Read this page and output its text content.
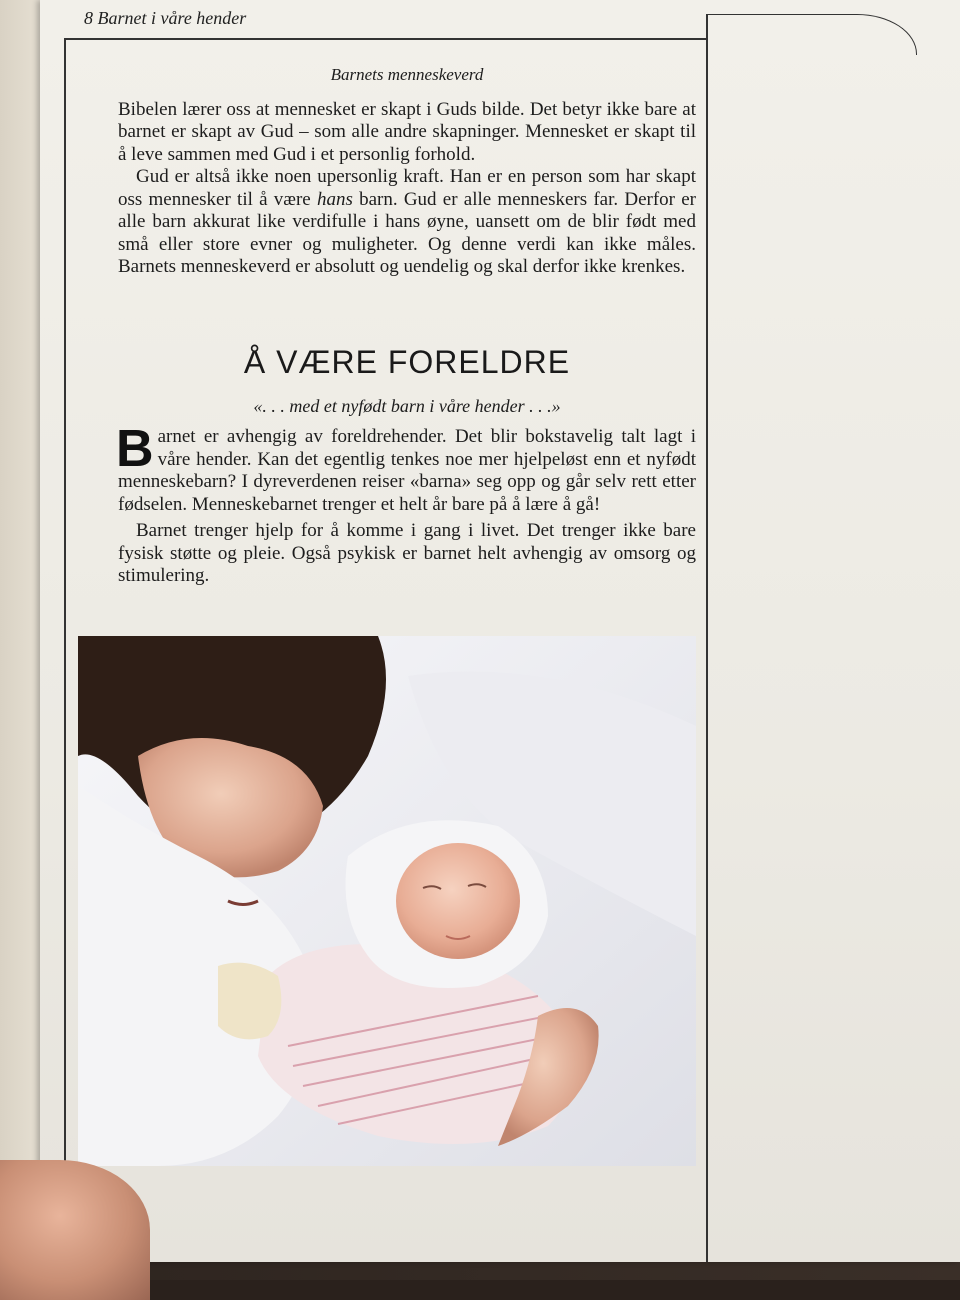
8 Barnet i våre hender
Barnets menneskeverd

Bibelen lærer oss at mennesket er skapt i Guds bilde. Det betyr ikke bare at barnet er skapt av Gud – som alle andre skapninger. Mennesket er skapt til å leve sammen med Gud i et personlig forhold.

Gud er altså ikke noen upersonlig kraft. Han er en person som har skapt oss mennesker til å være hans barn. Gud er alle menneskers far. Derfor er alle barn akkurat like verdifulle i hans øyne, uansett om de blir født med små eller store evner og muligheter. Og denne verdi kan ikke måles. Barnets menneskeverd er absolutt og uendelig og skal derfor ikke krenkes.

Å VÆRE FORELDRE
«. . . med et nyfødt barn i våre hender . . .»

Barnet er avhengig av foreldrehender. Det blir bokstavelig talt lagt i våre hender. Kan det egentlig tenkes noe mer hjelpeløst enn et nyfødt menneskebarn? I dyreverdenen reiser «barna» seg opp og går selv rett etter fødselen. Menneskebarnet trenger et helt år bare på å lære å gå!

Barnet trenger hjelp for å komme i gang i livet. Det trenger ikke bare fysisk støtte og pleie. Også psykisk er barnet helt avhengig av omsorg og stimulering.
